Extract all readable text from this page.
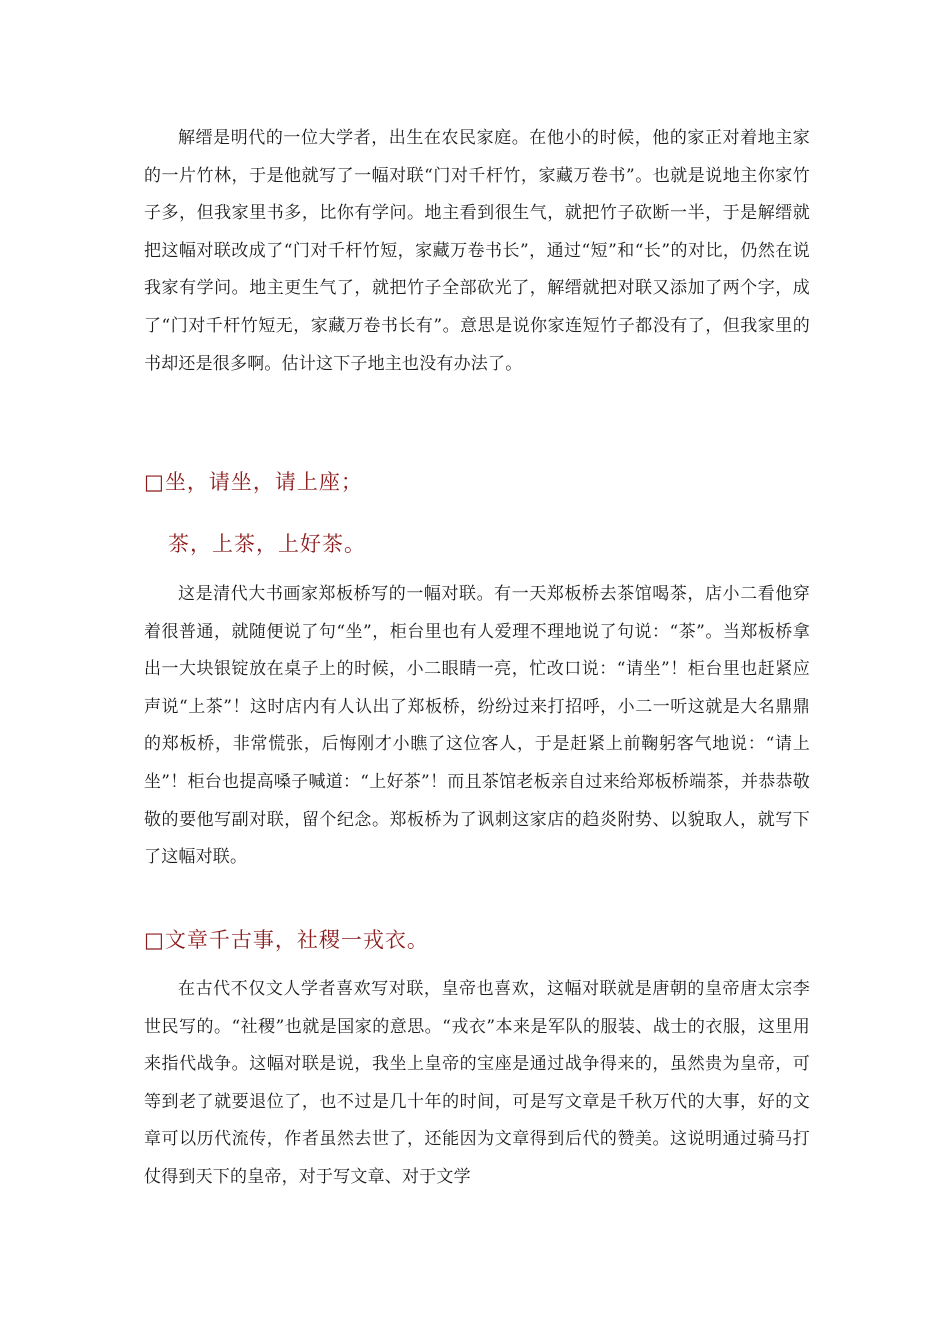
解缙是明代的一位大学者，出生在农民家庭。在他小的时候，他的家正对着地主家的一片竹林，于是他就写了一幅对联“门对千杆竹，家藏万卷书”。也就是说地主你家竹子多，但我家里书多，比你有学问。地主看到很生气，就把竹子砍断一半，于是解缙就把这幅对联改成了“门对千杆竹短，家藏万卷书长”，通过“短”和“长”的对比，仍然在说我家有学问。地主更生气了，就把竹子全部砍光了，解缙就把对联又添加了两个字，成了“门对千杆竹短无，家藏万卷书长有”。意思是说你家连短竹子都没有了，但我家里的书却还是很多啊。估计这下子地主也没有办法了。

□坐，请坐，请上座；

茶，上茶，上好茶。

这是清代大书画家郑板桥写的一幅对联。有一天郑板桥去茶馆喝茶，店小二看他穿着很普通，就随便说了句“坐”，柜台里也有人爱理不理地说了句说：“茶”。当郑板桥拿出一大块银锭放在桌子上的时候，小二眼睛一亮，忙改口说：“请坐”！柜台里也赶紧应声说“上茶”！这时店内有人认出了郑板桥，纷纷过来打招呼，小二一听这就是大名鼎鼎的郑板桥，非常慌张，后悔刚才小瞧了这位客人，于是赶紧上前鞠躬客气地说：“请上坐”！柜台也提高嗓子喊道：“上好茶”！而且茶馆老板亲自过来给郑板桥端茶，并恭恭敬敬的要他写副对联，留个纪念。郑板桥为了讽刺这家店的趋炎附势、以貌取人，就写下了这幅对联。

□文章千古事，社稷一戎衣。

在古代不仅文人学者喜欢写对联，皇帝也喜欢，这幅对联就是唐朝的皇帝唐太宗李世民写的。“社稷”也就是国家的意思。“戎衣”本来是军队的服装、战士的衣服，这里用来指代战争。这幅对联是说，我坐上皇帝的宝座是通过战争得来的，虽然贵为皇帝，可等到老了就要退位了，也不过是几十年的时间，可是写文章是千秋万代的大事，好的文章可以历代流传，作者虽然去世了，还能因为文章得到后代的赞美。这说明通过骑马打仗得到天下的皇帝，对于写文章、对于文学
